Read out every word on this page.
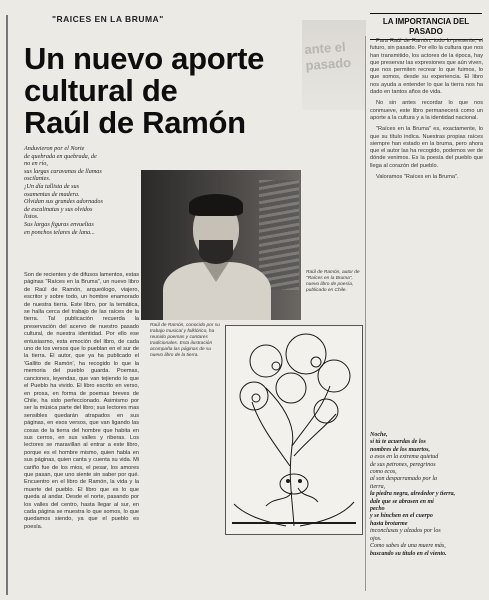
"RAICES EN LA BRUMA"	LA IMPORTANCIA DEL PASADO
Un nuevo aporte
cultural de
Raúl de Ramón
ante el pasado

Anduvieron por el Norte

de quebrada en quebrada, de

no en río,

sus largas caravanas de llamas

oscilantes.

¡Un día tallista de sus

osamentas de madera.

Olvidan sus grandes adornados

de escalinatas y sus olvidos

listos.

Sus largas figuras envueltas

en ponchos telares de lana...

Raúl de Ramón, autor de "Raíces en la Bruma", nuevo libro de poesía, publicado en Chile.
Son de recientes y de difusos lamentos, estas páginas "Raíces en la Bruma", un nuevo libro de Raúl de Ramón, arqueólogo, viajero, escritor y sobre todo, un hombre enamorado de nuestra tierra. Este libro, por la temática, se halla cerca del trabajo de las raíces de la tierra. Tal publicación recuerda la preservación del acervo de nuestro pasado cultural, de nuestra identidad. Por ello ese entusiasmo, esta emoción del libro, de cada uno de los versos que lo pueblan en el sur de la tierra. El autor, que ya ha publicado el 'Gallito de Ramón', ha recogido lo que la memoria del pueblo guarda. Poemas, canciones, leyendas, que van tejiendo lo que el Pueblo ha vivido. El libro escrito en verso, en prosa, en forma de poemas breves de Chile, ha sido perfeccionado. Asimismo por ser la música parte del libro; sus lectores mas sensibles quedarán atrapados en sus páginas, en esos versos, que van ligando las cosas de la tierra del hombre que habita en sus cerros, en sus valles y riberas. Los lectores se maravillan al entrar a este libro, porque es el hombre mismo, quien habla en sus páginas, quien canta y cuenta su vida. Mi cariño fue de los mios, el pesar, los amores que pasan, que uno siente sin saber por qué. Encuentro en el libro de Ramón, la vida y la muerte del pueblo. El libro que es lo que queda al andar. Desde el norte, pasando por los valles del centro, hasta llegar al sur, en cada página se muestra lo que somos, lo que quedamos siendo, ya que el pueblo es poesía.
Raúl de Ramón, conocido por su trabajo musical y folklórico, ha reunido poemas y cantares tradicionales. Esta ilustración acompaña las páginas de su nuevo libro de la tierra.

Para Raúl de Ramón, todo lo presente, el futuro, sin pasado. Por ello la cultura que nos han transmitido, los actores de la época, hay que preservar las expresiones que aún viven, que nos permiten recrear lo que fuimos, lo que somos, desde su experiencia. El libro nos ayuda a entender lo que la tierra nos ha dado en tantos años de vida.

No sin antes recordar lo que nos conmueve, este libro permanecerá como un aporte a la cultura y a la identidad nacional.

"Raíces en la Bruma" es, exactamente, lo que su título indica. Nuestras propias raíces siempre han estado en la bruma, pero ahora que el autor las ha recogido, podemos ver de dónde venimos. Es la poesía del pueblo que llega al corazón del pueblo.

Valoramos "Raíces en la Bruma".

Noche,

sí tú te acuerdas de los

nombres de los muertos,

a esos en la extrema quietud

de sus petrones, peregrinos

como ecos,

al son desparramado por la

tierra,

la piedra negra, alrededor y tierra,

dale que se abrasen en mi

pecho

y se hinchen en el cuerpo

hasta brotarme

inconclusas y alzados por los

ojos.

Como sabes de una muere más,

buscando su título en el viento.
